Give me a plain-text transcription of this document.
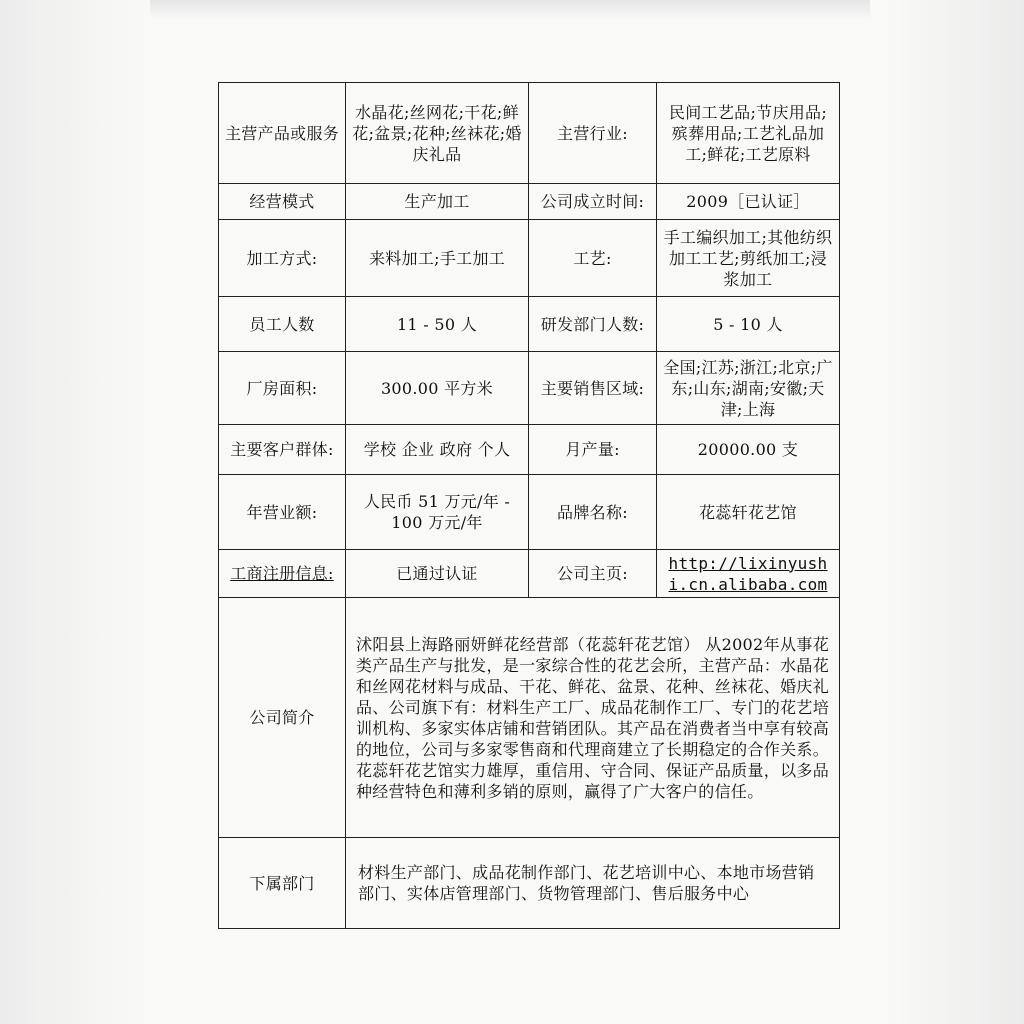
主营产品或服务	水晶花;丝网花;干花;鲜花;盆景;花种;丝袜花;婚庆礼品	主营行业:	民间工艺品;节庆用品;殡葬用品;工艺礼品加工;鲜花;工艺原料
经营模式	生产加工	公司成立时间:	2009［已认证］
加工方式:	来料加工;手工加工	工艺:	手工编织加工;其他纺织加工工艺;剪纸加工;浸浆加工
员工人数	11 - 50 人	研发部门人数:	5 - 10 人
厂房面积:	300.00 平方米	主要销售区域:	全国;江苏;浙江;北京;广东;山东;湖南;安徽;天津;上海
主要客户群体:	学校 企业 政府 个人	月产量:	20000.00 支
年营业额:	人民币 51 万元/年 - 100 万元/年	品牌名称:	花蕊轩花艺馆
工商注册信息:	已通过认证	公司主页:	http://lixinyushi.cn.alibaba.com
公司简介	沭阳县上海路丽妍鲜花经营部（花蕊轩花艺馆） 从2002年从事花类产品生产与批发，是一家综合性的花艺会所，主营产品：水晶花和丝网花材料与成品、干花、鲜花、盆景、花种、丝袜花、婚庆礼品、公司旗下有：材料生产工厂、成品花制作工厂、专门的花艺培训机构、多家实体店铺和营销团队。其产品在消费者当中享有较高的地位，公司与多家零售商和代理商建立了长期稳定的合作关系。花蕊轩花艺馆实力雄厚，重信用、守合同、保证产品质量，以多品种经营特色和薄利多销的原则，赢得了广大客户的信任。		

下属部门	材料生产部门、成品花制作部门、花艺培训中心、本地市场营销部门、实体店管理部门、货物管理部门、售后服务中心		
